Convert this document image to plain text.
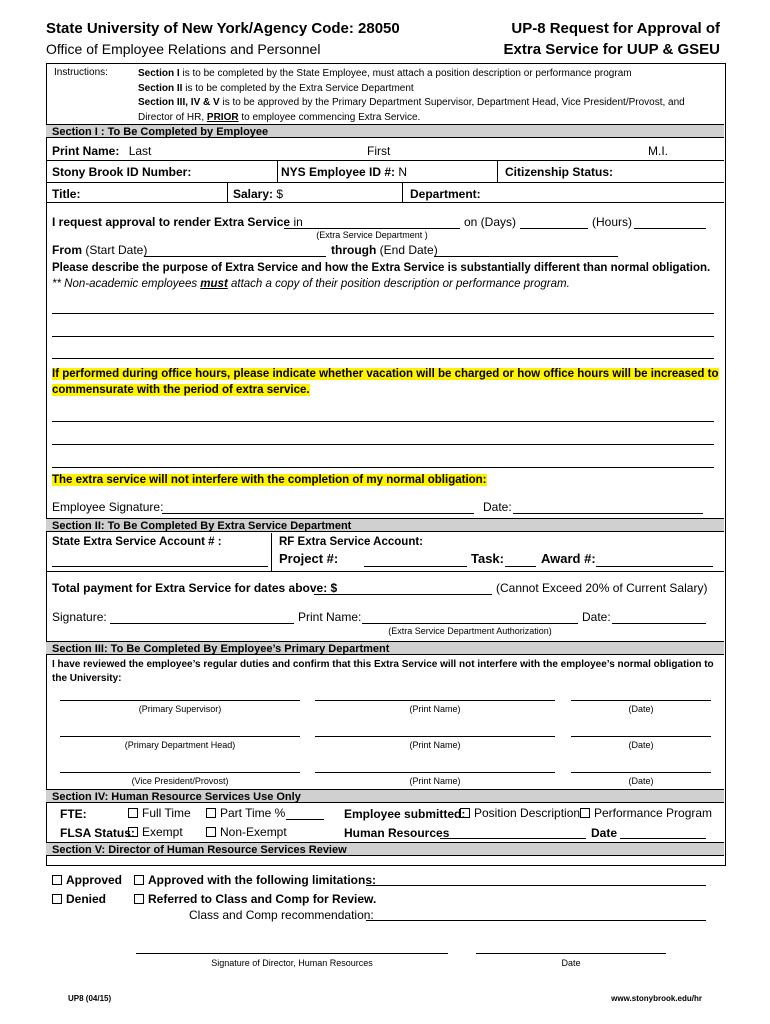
State University of New York/Agency Code: 28050
Office of Employee Relations and Personnel
UP-8 Request for Approval of
Extra Service for UUP & GSEU
Instructions:	Section I is to be completed by the State Employee, must attach a position description or performance program
Section II is to be completed by the Extra Service Department
Section III, IV & V is to be approved by the Primary Department Supervisor, Department Head, Vice President/Provost, and
Director of HR, PRIOR to employee commencing Extra Service.
Section I : To Be Completed by Employee
Print Name: Last	First	M.I.
Stony Brook ID Number:	NYS Employee ID #: N	Citizenship Status:
Title:	Salary: $	Department:
I request approval to render Extra Service in	on (Days)	(Hours)
(Extra Service Department )
From (Start Date)	through (End Date)
Please describe the purpose of Extra Service and how the Extra Service is substantially different than normal obligation.
** Non-academic employees must attach a copy of their position description or performance program.
If performed during office hours, please indicate whether vacation will be charged or how office hours will be increased to
commensurate with the period of extra service.
The extra service will not interfere with the completion of my normal obligation:
Employee Signature:	Date:
Section II: To Be Completed By Extra Service Department
State Extra Service Account # :	RF Extra Service Account:
Project #:	Task:	Award #:
Total payment for Extra Service for dates above: $	(Cannot Exceed 20% of Current Salary)
Signature:	Print Name:	Date:
(Extra Service Department Authorization)
Section III: To Be Completed By Employee’s Primary Department
I have reviewed the employee’s regular duties and confirm that this Extra Service will not interfere with the employee’s normal obligation to
the University:
(Primary Supervisor)	(Print Name)	(Date)
(Primary Department Head)	(Print Name)	(Date)
(Vice President/Provost)	(Print Name)	(Date)
Section IV: Human Resource Services Use Only
FTE:	Full Time	Part Time %	Employee submitted: Position Description	Performance Program
FLSA Status: Exempt	Non-Exempt	Human Resources	Date
Section V: Director of Human Resource Services Review
Approved	Approved with the following limitations:
Denied	Referred to Class and Comp for Review.
Class and Comp recommendation:
Signature of Director, Human Resources	Date
UP8 (04/15)	www.stonybrook.edu/hr
